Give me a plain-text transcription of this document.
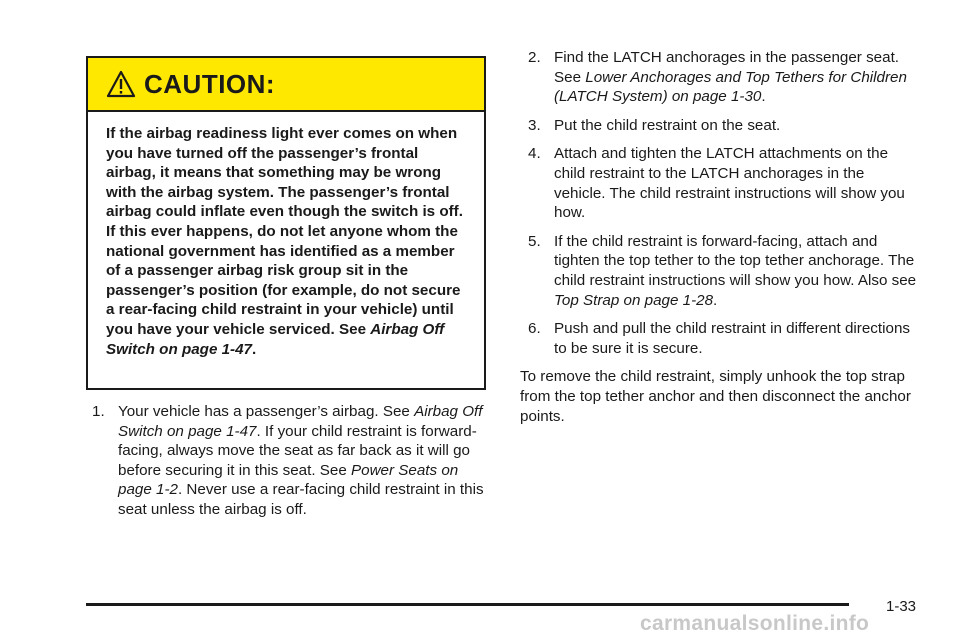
CAUTION:
If the airbag readiness light ever comes on when you have turned off the passenger’s frontal airbag, it means that something may be wrong with the airbag system. The passenger’s frontal airbag could inflate even though the switch is off. If this ever happens, do not let anyone whom the national government has identified as a member of a passenger airbag risk group sit in the passenger’s position (for example, do not secure a rear-facing child restraint in your vehicle) until you have your vehicle serviced. See Airbag Off Switch on page 1-47.
1. Your vehicle has a passenger’s airbag. See Airbag Off Switch on page 1-47. If your child restraint is forward-facing, always move the seat as far back as it will go before securing it in this seat. See Power Seats on page 1-2. Never use a rear-facing child restraint in this seat unless the airbag is off.
2. Find the LATCH anchorages in the passenger seat. See Lower Anchorages and Top Tethers for Children (LATCH System) on page 1-30.
3. Put the child restraint on the seat.
4. Attach and tighten the LATCH attachments on the child restraint to the LATCH anchorages in the vehicle. The child restraint instructions will show you how.
5. If the child restraint is forward-facing, attach and tighten the top tether to the top tether anchorage. The child restraint instructions will show you how. Also see Top Strap on page 1-28.
6. Push and pull the child restraint in different directions to be sure it is secure.
To remove the child restraint, simply unhook the top strap from the top tether anchor and then disconnect the anchor points.
1-33
carmanualsonline.info
